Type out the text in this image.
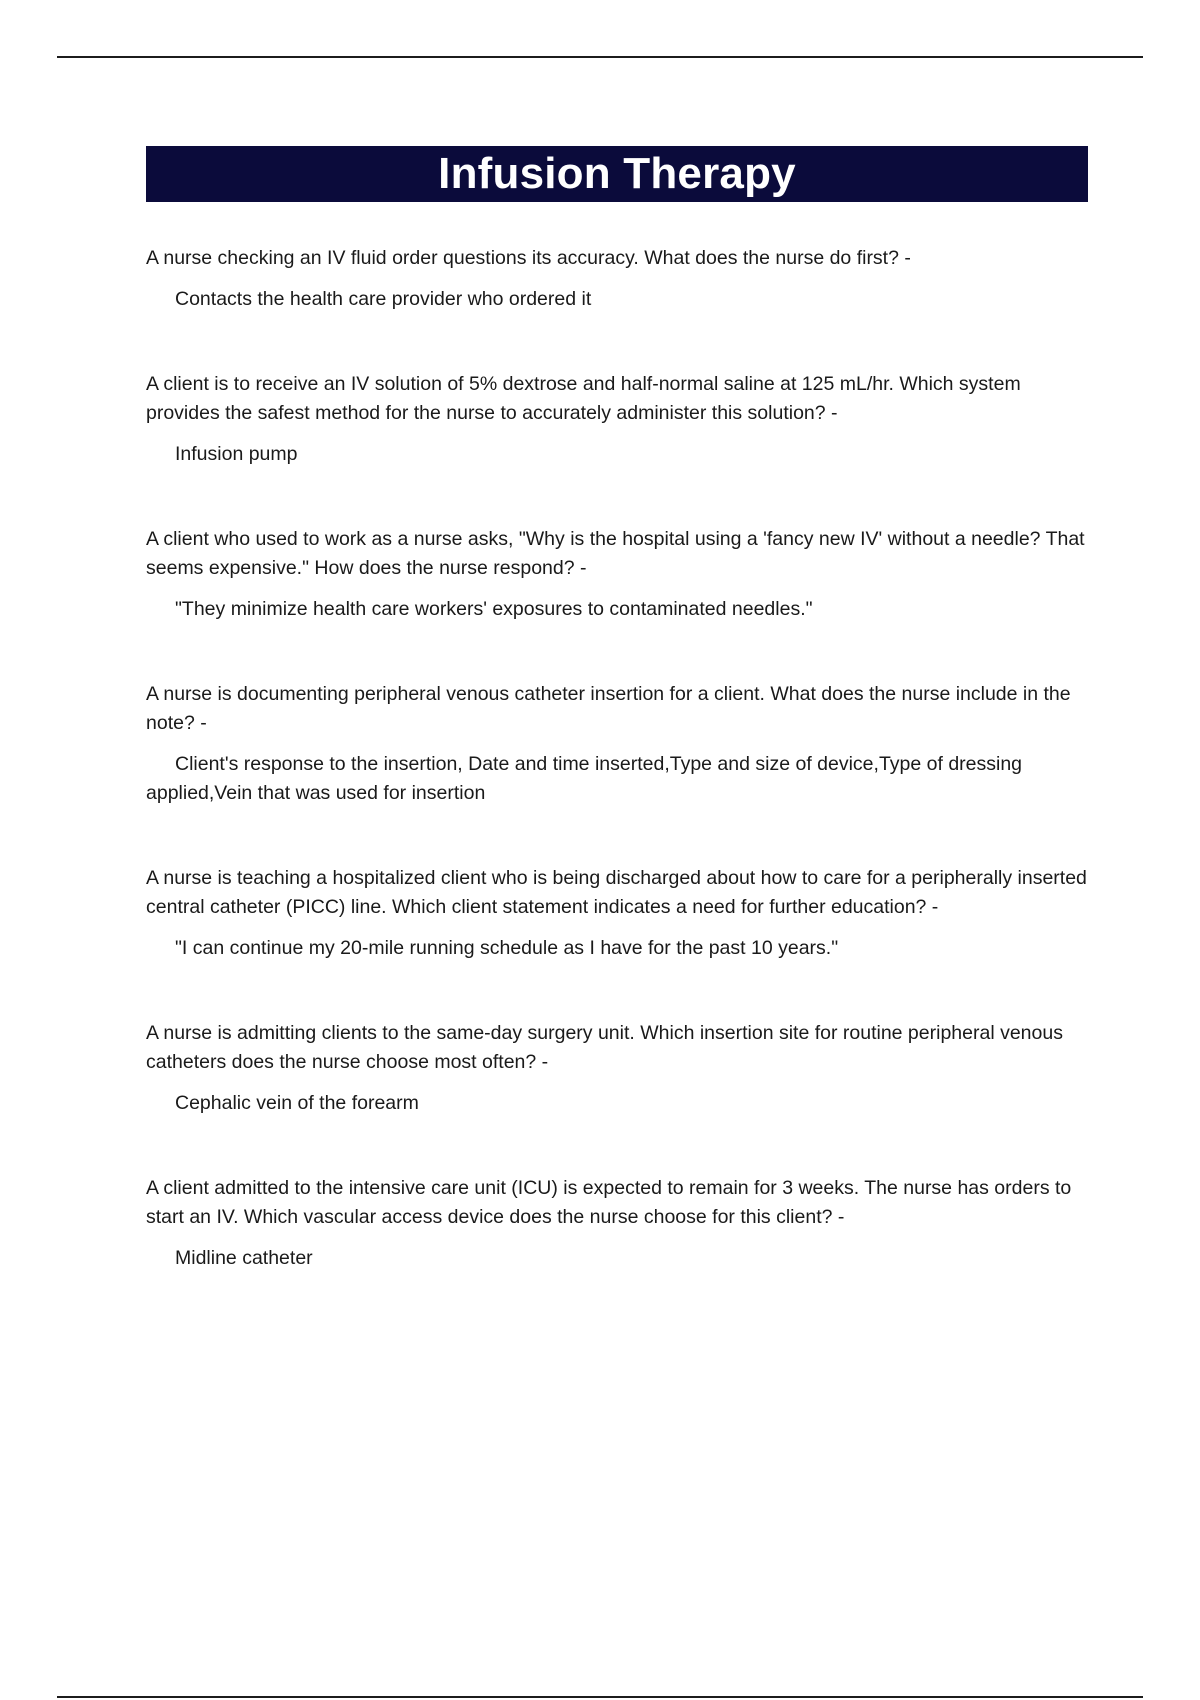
Infusion Therapy

A nurse checking an IV fluid order questions its accuracy. What does the nurse do first? -

Contacts the health care provider who ordered it

A client is to receive an IV solution of 5% dextrose and half-normal saline at 125 mL/hr. Which system provides the safest method for the nurse to accurately administer this solution? -

Infusion pump

A client who used to work as a nurse asks, "Why is the hospital using a 'fancy new IV' without a needle? That seems expensive." How does the nurse respond? -

"They minimize health care workers' exposures to contaminated needles."

A nurse is documenting peripheral venous catheter insertion for a client. What does the nurse include in the note? -

Client's response to the insertion, Date and time inserted,Type and size of device,Type of dressing applied,Vein that was used for insertion

A nurse is teaching a hospitalized client who is being discharged about how to care for a peripherally inserted central catheter (PICC) line. Which client statement indicates a need for further education? -

"I can continue my 20-mile running schedule as I have for the past 10 years."

A nurse is admitting clients to the same-day surgery unit. Which insertion site for routine peripheral venous catheters does the nurse choose most often? -

Cephalic vein of the forearm

A client admitted to the intensive care unit (ICU) is expected to remain for 3 weeks. The nurse has orders to start an IV. Which vascular access device does the nurse choose for this client? -

Midline catheter
